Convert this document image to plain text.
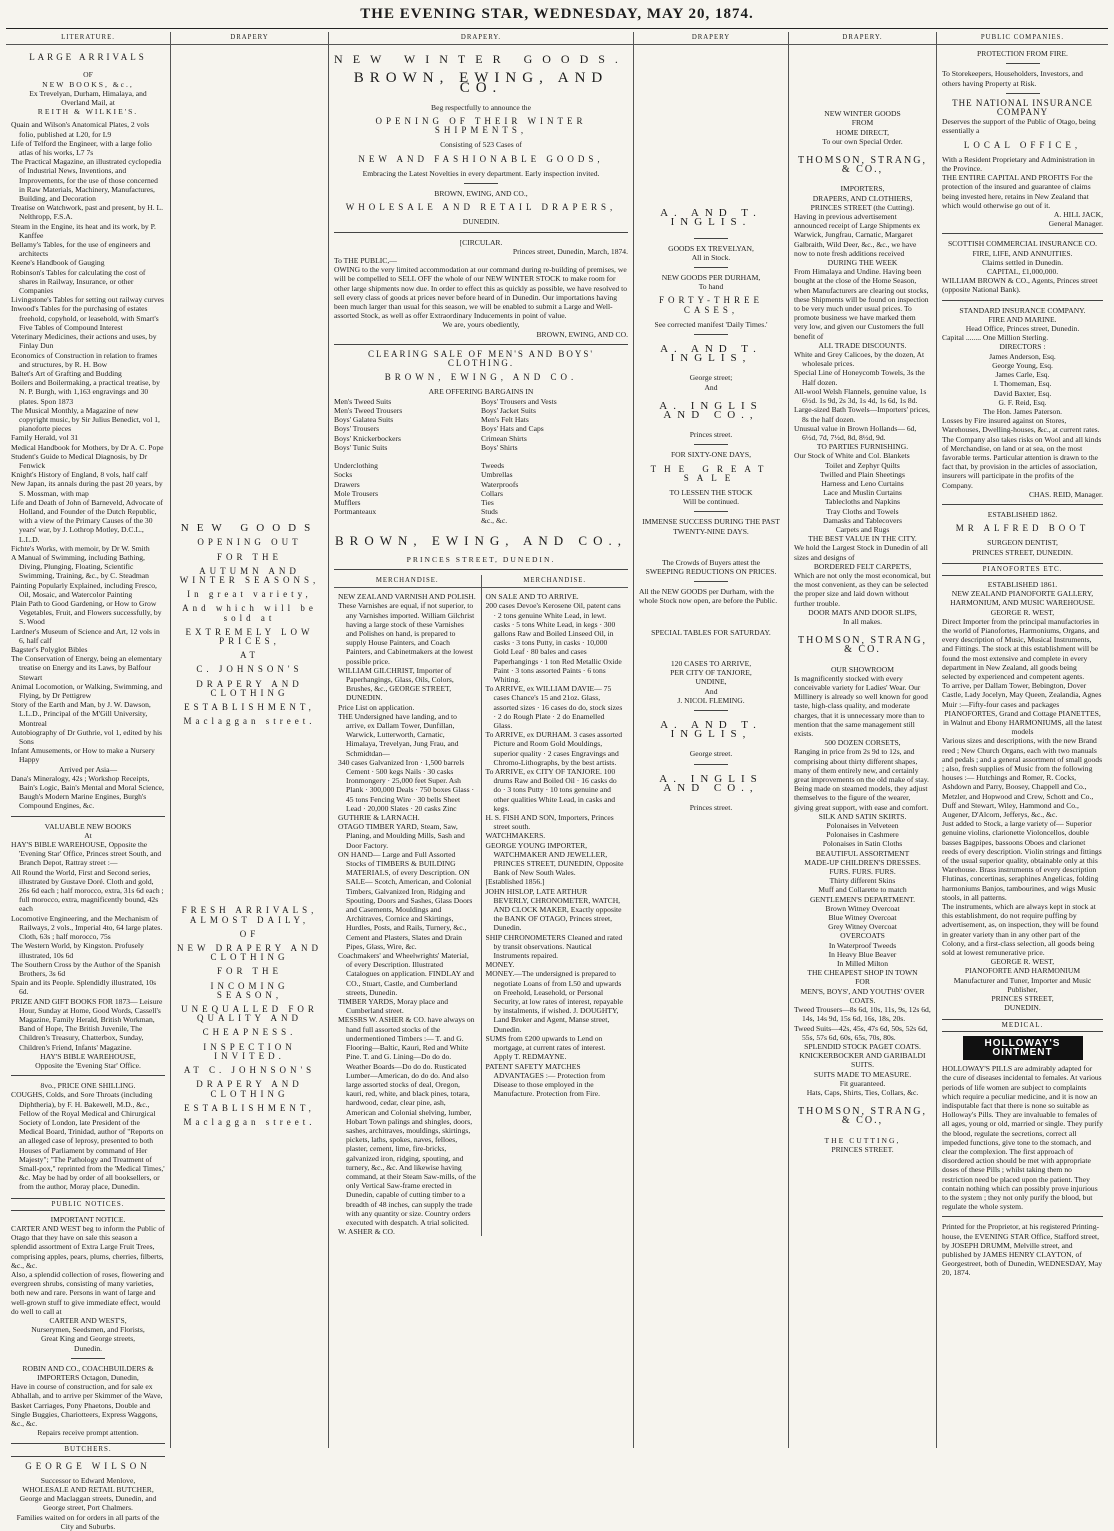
THE EVENING STAR, WEDNESDAY, MAY 20, 1874.
LITERATURE.
LARGE ARRIVALS
OF
NEW BOOKS, &c.,
Ex Trevelyan, Durham, Himalaya, and
Overland Mail, at
REITH & WILKIE'S.
Quain and Wilson's Anatomical Plates, 2 vols folio, published at L20, for L9
Life of Telford the Engineer, with a large folio atlas of his works, L7 7s
The Practical Magazine, an illustrated cyclopedia of Industrial News, Inventions, and Improvements, for the use of those concerned in Raw Materials, Machinery, Manufactures, Building, and Decoration
Treatise on Watchwork, past and present, by H. L. Nelthropp, F.S.A.
Steam in the Engine, its heat and its work, by P. Kanffee
Bellamy's Tables, for the use of engineers and architects
Keene's Handbook of Gauging
Robinson's Tables for calculating the cost of shares in Railway, Insurance, or other Companies
Livingstone's Tables for setting out railway curves
Inwood's Tables for the purchasing of estates freehold, copyhold, or leasehold, with Smart's Five Tables of Compound Interest
Veterinary Medicines, their actions and uses, by Finlay Dun
Economics of Construction in relation to frames and structures, by R. H. Bow
Baltet's Art of Grafting and Budding
Boilers and Boilermaking, a practical treatise, by N. P. Burgh, with 1,163 engravings and 30 plates. Spon 1873
The Musical Monthly, a Magazine of new copyright music, by Sir Julius Benedict, vol 1, pianoforte pieces
Family Herald, vol 31
Medical Handbook for Mothers, by Dr A. C. Pope
Student's Guide to Medical Diagnosis, by Dr Fenwick
Knight's History of England, 8 vols, half calf
New Japan, its annals during the past 20 years, by S. Mossman, with map
Life and Death of John of Barneveld, Advocate of Holland, and Founder of the Dutch Republic, with a view of the Primary Causes of the 30 years' war, by J. Lothrop Motley, D.C.L., L.L.D.
Fichte's Works, with memoir, by Dr W. Smith
A Manual of Swimming, including Bathing, Diving, Plunging, Floating, Scientific Swimming, Training, &c., by C. Steadman
Painting Popularly Explained, including Fresco, Oil, Mosaic, and Watercolor Painting
Plain Path to Good Gardening, or How to Grow Vegetables, Fruit, and Flowers successfully, by S. Wood
Lardner's Museum of Science and Art, 12 vols in 6, half calf
Bagster's Polyglot Bibles
The Conservation of Energy, being an elementary treatise on Energy and its Laws, by Balfour Stewart
Animal Locomotion, or Walking, Swimming, and Flying, by Dr Pettigrew
Story of the Earth and Man, by J. W. Dawson, L.L.D., Principal of the M'Gill University, Montreal
Autobiography of Dr Guthrie, vol 1, edited by his Sons
Infant Amusements, or How to make a Nursery Happy
Arrived per Asia—
Dana's Mineralogy, 42s ; Workshop Receipts, Bain's Logic, Bain's Mental and Moral Science, Baugh's Modern Marine Engines, Burgh's Compound Engines, &c.
VALUABLE NEW BOOKS
At
HAY'S BIBLE WAREHOUSE, Opposite the 'Evening Star' Office, Princes street South, and Branch Depot, Rattray street :—
All Round the World, First and Second series, illustrated by Gustave Doré. Cloth and gold, 26s 6d each ; half morocco, extra, 31s 6d each ; full morocco, extra, magnificently bound, 42s each
Locomotive Engineering, and the Mechanism of Railways, 2 vols., Imperial 4to, 64 large plates. Cloth, 63s ; half morocco, 75s
The Western World, by Kingston. Profusely illustrated, 10s 6d
The Southern Cross by the Author of the Spanish Brothers, 3s 6d
Spain and its People. Splendidly illustrated, 10s 6d.
PRIZE AND GIFT BOOKS FOR 1873— Leisure Hour, Sunday at Home, Good Words, Cassell's Magazine, Family Herald, British Workman, Band of Hope, The British Juvenile, The Children's Treasury, Chatterbox, Sunday, Children's Friend, Infants' Magazine.
HAY'S BIBLE WAREHOUSE,
Opposite the 'Evening Star' Office.
8vo., PRICE ONE SHILLING.
COUGHS, Colds, and Sore Throats (including Diphtheria), by F. H. Bakewell, M.D., &c., Fellow of the Royal Medical and Chirurgical Society of London, late President of the Medical Board, Trinidad, author of "Reports on an alleged case of leprosy, presented to both Houses of Parliament by command of Her Majesty"; "The Pathology and Treatment of Small-pox," reprinted from the 'Medical Times,' &c. May be had by order of all booksellers, or from the author, Moray place, Dunedin.
PUBLIC NOTICES.
IMPORTANT NOTICE.
CARTER AND WEST beg to inform the Public of Otago that they have on sale this season a splendid assortment of Extra Large Fruit Trees, comprising apples, pears, plums, cherries, filberts, &c., &c.
Also, a splendid collection of roses, flowering and evergreen shrubs, consisting of many varieties, both new and rare. Persons in want of large and well-grown stuff to give immediate effect, would do well to call at
CARTER AND WEST'S,
Nurserymen, Seedsmen, and Florists,
Great King and George streets,
Dunedin.
ROBIN AND CO., COACHBUILDERS & IMPORTERS Octagon, Dunedin,
Have in course of construction, and for sale ex Abhallah, and to arrive per Skimmer of the Wave, Basket Carriages, Pony Phaetons, Double and Single Buggies, Chariotteers, Express Waggons, &c., &c.
Repairs receive prompt attention.
BUTCHERS.
GEORGE WILSON
Successor to Edward Menlove,
WHOLESALE AND RETAIL BUTCHER,
George and Maclaggan streets, Dunedin, and George street, Port Chalmers.
Families waited on for orders in all parts of the City and Suburbs.
DRAPERY
NEW GOODS
OPENING OUT
FOR THE
AUTUMN AND WINTER SEASONS,
In great variety,
And which will be sold at
EXTREMELY LOW PRICES,
AT
C. JOHNSON'S
DRAPERY AND CLOTHING
ESTABLISHMENT,
Maclaggan street.
FRESH ARRIVALS, ALMOST DAILY,
OF
NEW DRAPERY AND CLOTHING
FOR THE
INCOMING SEASON,
UNEQUALLED FOR QUALITY AND
CHEAPNESS.
INSPECTION INVITED.
AT C. JOHNSON'S
DRAPERY AND CLOTHING
ESTABLISHMENT,
Maclaggan street.
DRAPERY.
NEW WINTER GOODS.
BROWN, EWING, AND CO.
Beg respectfully to announce the
OPENING OF THEIR WINTER SHIPMENTS,
Consisting of 523 Cases of
NEW AND FASHIONABLE GOODS,
Embracing the Latest Novelties in every department. Early inspection invited.
BROWN, EWING, AND CO.,
WHOLESALE AND RETAIL DRAPERS,
DUNEDIN.
[CIRCULAR.
Princes street, Dunedin, March, 1874.
To THE PUBLIC,—
OWING to the very limited accommodation at our command during re-building of premises, we will be compelled to SELL OFF the whole of our NEW WINTER STOCK to make room for other large shipments now due. In order to effect this as quickly as possible, we have resolved to sell every class of goods at prices never before heard of in Dunedin. Our importations having been much larger than usual for this season, we will be enabled to submit a Large and Well-assorted Stock, as well as offer Extraordinary Inducements in point of value.
We are, yours obediently,
BROWN, EWING, AND CO.
CLEARING SALE OF MEN'S AND BOYS' CLOTHING.
BROWN, EWING, AND CO.
ARE OFFERING BARGAINS IN
Men's Tweed Suits
Men's Tweed Trousers
Boys' Galatea Suits
Boys' Trousers
Boys' Knickerbockers
Boys' Tunic Suits

Underclothing
Socks
Drawers
Mole Trousers
Mufflers
Portmanteaux
Boys' Trousers and Vests
Boys' Jacket Suits
Men's Felt Hats
Boys' Hats and Caps
Crimean Shirts
Boys' Shirts

Tweeds
Umbrellas
Waterproofs
Collars
Ties
Studs
&c., &c.
BROWN, EWING, AND CO.,
PRINCES STREET, DUNEDIN.
MERCHANDISE.
NEW ZEALAND VARNISH AND POLISH.
These Varnishes are equal, if not superior, to any Varnishes imported. William Gilchrist having a large stock of these Varnishes and Polishes on hand, is prepared to supply House Painters, and Coach Painters, and Cabinetmakers at the lowest possible price.
WILLIAM GILCHRIST, Importer of Paperhangings, Glass, Oils, Colors, Brushes, &c., GEORGE STREET, DUNEDIN.
Price List on application.
THE Undersigned have landing, and to arrive, ex Dallam Tower, Dunfillan, Warwick, Lutterworth, Carnatic, Himalaya, Trevelyan, Jung Frau, and Schmidtdan—
340 cases Galvanized Iron · 1,500 barrels Cement · 500 kegs Nails · 30 casks Ironmongery · 25,000 feet Super. Ash Plank · 300,000 Deals · 750 boxes Glass · 45 tons Fencing Wire · 30 bells Sheet Lead · 20,000 Slates · 20 casks Zinc
GUTHRIE & LARNACH.
OTAGO TIMBER YARD, Steam, Saw, Planing, and Moulding Mills, Sash and Door Factory.
ON HAND— Large and Full Assorted Stocks of TIMBERS & BUILDING MATERIALS, of every Description. ON SALE— Scotch, American, and Colonial Timbers, Galvanized Iron, Ridging and Spouting, Doors and Sashes, Glass Doors and Casements, Mouldings and Architraves, Cornice and Skirtings, Hurdles, Posts, and Rails, Turnery, &c., Cement and Plasters, Slates and Drain Pipes, Glass, Wire, &c.
Coachmakers' and Wheelwrights' Material, of every Description. Illustrated Catalogues on application. FINDLAY and CO., Stuart, Castle, and Cumberland streets, Dunedin.
TIMBER YARDS, Moray place and Cumberland street.
MESSRS W. ASHER & CO. have always on hand full assorted stocks of the undermentioned Timbers :— T. and G. Flooring—Baltic, Kauri, Red and White Pine. T. and G. Lining—Do do do. Weather Boards—Do do do. Rusticated Lumber—American, do do do. And also large assorted stocks of deal, Oregon, kauri, red, white, and black pines, totara, hardwood, cedar, clear pine, ash, American and Colonial shelving, lumber, Hobart Town palings and shingles, doors, sashes, architraves, mouldings, skirtings, pickets, laths, spokes, naves, felloes, plaster, cement, lime, fire-bricks, galvanized iron, ridging, spouting, and turnery, &c., &c. And likewise having command, at their Steam Saw-mills, of the only Vertical Saw-frame erected in Dunedin, capable of cutting timber to a breadth of 48 inches, can supply the trade with any quantity or size. Country orders executed with despatch. A trial solicited.
W. ASHER & CO.
MERCHANDISE.
ON SALE AND TO ARRIVE.
200 cases Devoe's Kerosene Oil, patent cans · 2 tons genuine White Lead, in lewt. casks · 5 tons White Lead, in kegs · 300 gallons Raw and Boiled Linseed Oil, in casks · 3 tons Putty, in casks · 10,000 Gold Leaf · 80 bales and cases Paperhangings · 1 ton Red Metallic Oxide Paint · 3 tons assorted Paints · 6 tons Whiting.
To ARRIVE, ex WILLIAM DAVIE— 75 cases Chance's 15 and 21oz. Glass, assorted sizes · 16 cases do do, stock sizes · 2 do Rough Plate · 2 do Enamelled Glass.
To ARRIVE, ex DURHAM. 3 cases assorted Picture and Room Gold Mouldings, superior quality · 2 cases Engravings and Chromo-Lithographs, by the best artists.
To ARRIVE, ex CITY OF TANJORE. 100 drums Raw and Boiled Oil · 16 casks do do · 3 tons Putty · 10 tons genuine and other qualities White Lead, in casks and kegs.
H. S. FISH AND SON, Importers, Princes street south.
WATCHMAKERS.
GEORGE YOUNG IMPORTER, WATCHMAKER AND JEWELLER, PRINCES STREET, DUNEDIN, Opposite Bank of New South Wales.
[Established 1856.]
JOHN HISLOP, LATE ARTHUR BEVERLY, CHRONOMETER, WATCH, AND CLOCK MAKER, Exactly opposite the BANK OF OTAGO, Princes street, Dunedin.
SHIP CHRONOMETERS Cleaned and rated by transit observations. Nautical Instruments repaired.
MONEY.
MONEY.—The undersigned is prepared to negotiate Loans of from L50 and upwards on Freehold, Leasehold, or Personal Security, at low rates of interest, repayable by instalments, if wished. J. DOUGHTY, Land Broker and Agent, Manse street, Dunedin.
SUMS from £200 upwards to Lend on mortgage, at current rates of interest. Apply T. REDMAYNE.
PATENT SAFETY MATCHES ADVANTAGES :— Protection from Disease to those employed in the Manufacture. Protection from Fire.
DRAPERY
A. AND T. INGLIS.
GOODS EX TREVELYAN,
All in Stock.
NEW GOODS PER DURHAM,
To hand
FORTY-THREE CASES,
See corrected manifest 'Daily Times.'
A. AND T. INGLIS,
George street;
And
A. INGLIS AND CO.,
Princes street.
FOR SIXTY-ONE DAYS,
THE GREAT SALE
TO LESSEN THE STOCK
Will be continued.
IMMENSE SUCCESS DURING THE PAST
TWENTY-NINE DAYS.
The Crowds of Buyers attest the
SWEEPING REDUCTIONS ON PRICES.
All the NEW GOODS per Durham, with the whole Stock now open, are before the Public.
SPECIAL TABLES FOR SATURDAY.
120 CASES TO ARRIVE,
PER CITY OF TANJORE,
UNDINE,
And
J. NICOL FLEMING.
A. AND T. INGLIS,
George street.
A. INGLIS AND CO.,
Princes street.
DRAPERY.
NEW WINTER GOODS
FROM
HOME DIRECT,
To our own Special Order.
THOMSON, STRANG, & CO.,
IMPORTERS,
DRAPERS, AND CLOTHIERS,
PRINCES STREET (the Cutting).
Having in previous advertisement announced receipt of Large Shipments ex Warwick, Jungfrau, Carnatic, Margaret Galbraith, Wild Deer, &c., &c., we have now to note fresh additions received
DURING THE WEEK
From Himalaya and Undine. Having been bought at the close of the Home Season, when Manufacturers are clearing out stocks, these Shipments will be found on inspection to be very much under usual prices. To promote business we have marked them very low, and given our Customers the full benefit of
ALL TRADE DISCOUNTS.
White and Grey Calicoes, by the dozen, At wholesale prices.
Special Line of Honeycomb Towels, 3s the Half dozen.
All-wool Welsh Flannels, genuine value, 1s 6½d. 1s 9d, 2s 3d, 1s 4d, 1s 6d, 1s 8d.
Large-sized Bath Towels—Importers' prices, 8s the half dozen.
Unusual value in Brown Hollands— 6d, 6½d, 7d, 7½d, 8d, 8½d, 9d.
TO PARTIES FURNISHING.
Our Stock of White and Col. Blankets
Toilet and Zephyr Quilts
Twilled and Plain Sheetings
Harness and Leno Curtains
Lace and Muslin Curtains
Tablecloths and Napkins
Tray Cloths and Towels
Damasks and Tablecovers
Carpets and Rugs
THE BEST VALUE IN THE CITY.
We hold the Largest Stock in Dunedin of all sizes and designs of
BORDERED FELT CARPETS,
Which are not only the most economical, but the most convenient, as they can be selected the proper size and laid down without further trouble.
DOOR MATS AND DOOR SLIPS,
In all makes.
THOMSON, STRANG, & CO.
OUR SHOWROOM
Is magnificently stocked with every conceivable variety for Ladies' Wear. Our Millinery is already so well known for good taste, high-class quality, and moderate charges, that it is unnecessary more than to mention that the same management still exists.
500 DOZEN CORSETS,
Ranging in price from 2s 9d to 12s, and comprising about thirty different shapes, many of them entirely new, and certainly great improvements on the old make of stay. Being made on steamed models, they adjust themselves to the figure of the wearer, giving great support, with ease and comfort.
SILK AND SATIN SKIRTS.
Polonaises in Velveteen
Polonaises in Cashmere
Polonaises in Satin Cloths
BEAUTIFUL ASSORTMENT
MADE-UP CHILDREN'S DRESSES.
FURS. FURS. FURS.
Thirty different Skins
Muff and Collarette to match
GENTLEMEN'S DEPARTMENT.
Brown Witney Overcoat
Blue Witney Overcoat
Grey Witney Overcoat
OVERCOATS
In Waterproof Tweeds
In Heavy Blue Beaver
In Milled Milton
THE CHEAPEST SHOP IN TOWN
FOR
MEN'S, BOYS', AND YOUTHS' OVER COATS.
Tweed Trousers—8s 6d, 10s, 11s, 9s, 12s 6d, 14s, 14s 9d, 15s 6d, 16s, 18s, 20s.
Tweed Suits—42s, 45s, 47s 6d, 50s, 52s 6d, 55s, 57s 6d, 60s, 65s, 70s, 80s.
SPLENDID STOCK PAGET COATS.
KNICKERBOCKER AND GARIBALDI SUITS.
SUITS MADE TO MEASURE.
Fit guaranteed.
Hats, Caps, Shirts, Ties, Collars, &c.
THOMSON, STRANG, & CO.,
THE CUTTING,
PRINCES STREET.
PUBLIC COMPANIES.
PROTECTION FROM FIRE.
To Storekeepers, Householders, Investors, and others having Property at Risk.
THE NATIONAL INSURANCE COMPANY
Deserves the support of the Public of Otago, being essentially a
LOCAL OFFICE,
With a Resident Proprietary and Administration in the Province.
THE ENTIRE CAPITAL AND PROFITS For the protection of the insured and guarantee of claims being invested here, retains in New Zealand that which would otherwise go out of it.
A. HILL JACK,
General Manager.
SCOTTISH COMMERCIAL INSURANCE CO.
FIRE, LIFE, AND ANNUITIES.
Claims settled in Dunedin.
CAPITAL, £1,000,000.
WILLIAM BROWN & CO., Agents, Princes street (opposite National Bank).
STANDARD INSURANCE COMPANY.
FIRE AND MARINE.
Head Office, Princes street, Dunedin.
Capital ........ One Million Sterling.
DIRECTORS :
James Anderson, Esq.
George Young, Esq.
James Carle, Esq.
I. Thomeman, Esq.
David Baxter, Esq.
G. F. Reid, Esq.
The Hon. James Paterson.
Losses by Fire insured against on Stores, Warehouses, Dwelling-houses, &c., at current rates. The Company also takes risks on Wool and all kinds of Merchandise, on land or at sea, on the most favorable terms. Particular attention is drawn to the fact that, by provision in the articles of association, insurers will participate in the profits of the Company.
CHAS. REID, Manager.
ESTABLISHED 1862.
MR ALFRED BOOT
SURGEON DENTIST,
PRINCES STREET, DUNEDIN.
PIANOFORTES ETC.
ESTABLISHED 1861.
NEW ZEALAND PIANOFORTE GALLERY, HARMONIUM, AND MUSIC WAREHOUSE.
GEORGE R. WEST,
Direct Importer from the principal manufactories in the world of Pianofortes, Harmoniums, Organs, and every description of Music, Musical Instruments, and Fittings. The stock at this establishment will be found the most extensive and complete in every department in New Zealand, all goods being selected by experienced and competent agents.
To arrive, per Dallam Tower, Bebington, Dover Castle, Lady Jocelyn, May Queen, Zealandia, Agnes Muir :—Fifty-four cases and packages
PIANOFORTES, Grand and Cottage PIANETTES, in Walnut and Ebony HARMONIUMS, all the latest models
Various sizes and descriptions, with the new Brand reed ; New Church Organs, each with two manuals and pedals ; and a general assortment of small goods ; also, fresh supplies of Music from the following houses :— Hutchings and Romer, R. Cocks, Ashdown and Parry, Boosey, Chappell and Co., Metzler, and Hopwood and Crew, Schott and Co., Duff and Stewart, Wiley, Hammond and Co., Augener, D'Alcorn, Jefferys, &c., &c.
Just added to Stock, a large variety of— Superior genuine violins, clarionette Violoncellos, double basses Bagpipes, bassoons Oboes and clarionet reeds of every description. Violin strings and fittings of the usual superior quality, obtainable only at this Warehouse. Brass instruments of every description Flutinas, concertinas, seraphines Angelicas, folding harmoniums Banjos, tambourines, and wigs Music stools, in all patterns.
The instruments, which are always kept in stock at this establishment, do not require puffing by advertisement, as, on inspection, they will be found in greater variety than in any other part of the Colony, and a first-class selection, all goods being sold at lowest remunerative price.
GEORGE R. WEST,
PIANOFORTE AND HARMONIUM
Manufacturer and Tuner, Importer and Music Publisher,
PRINCES STREET,
DUNEDIN.
MEDICAL.
HOLLOWAY'S OINTMENT
HOLLOWAY'S PILLS are admirably adapted for the cure of diseases incidental to females. At various periods of life women are subject to complaints which require a peculiar medicine, and it is now an indisputable fact that there is none so suitable as Holloway's Pills. They are invaluable to females of all ages, young or old, married or single. They purify the blood, regulate the secretions, correct all impeded functions, give tone to the stomach, and clear the complexion. The first approach of disordered action should be met with appropriate doses of these Pills ; whilst taking them no restriction need be placed upon the patient. They contain nothing which can possibly prove injurious to the system ; they not only purify the blood, but regulate the whole system.
Printed for the Proprietor, at his registered Printing-house, the EVENING STAR Office, Stafford street, by JOSEPH DRUMM, Melville street, and published by JAMES HENRY CLAYTON, of Georgestreet, both of Dunedin, WEDNESDAY, May 20, 1874.
